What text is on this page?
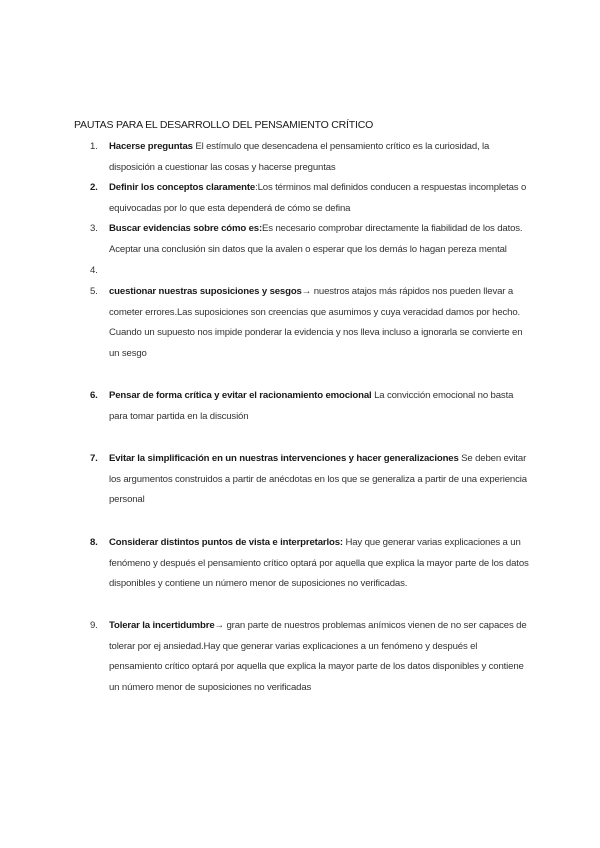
PAUTAS PARA EL DESARROLLO DEL PENSAMIENTO CRÍTICO
1.	Hacerse preguntas El estímulo que desencadena el pensamiento crítico es la curiosidad, la disposición a cuestionar las cosas y hacerse preguntas
2.	Definir los conceptos claramente:Los términos mal definidos conducen a respuestas incompletas o equivocadas por lo que esta dependerá de cómo se defina
3.	Buscar evidencias sobre cómo es:Es necesario comprobar directamente la fiabilidad de los datos. Aceptar una conclusión sin datos que la avalen o esperar que los demás lo hagan pereza mental
4.
5.	cuestionar nuestras suposiciones y sesgos→ nuestros atajos más rápidos nos pueden llevar a cometer errores.Las suposiciones son creencias que asumimos y cuya veracidad damos por hecho. Cuando un supuesto nos impide ponderar la evidencia y nos lleva incluso a ignorarla se convierte en un sesgo
6.	Pensar de forma crítica y evitar el racionamiento emocional La convicción emocional no basta para tomar partida en la discusión
7.	Evitar la simplificación en un nuestras intervenciones y hacer generalizaciones Se deben evitar los argumentos construidos a partir de anécdotas en los que se generaliza a partir de una experiencia personal
8.	Considerar distintos puntos de vista e interpretarlos: Hay que generar varias explicaciones a un fenómeno y después el pensamiento crítico optará por aquella que explica la mayor parte de los datos disponibles y contiene un número menor de suposiciones no verificadas.
9.	Tolerar la incertidumbre→ gran parte de nuestros problemas anímicos vienen de no ser capaces de tolerar por ej ansiedad.Hay que generar varias explicaciones a un fenómeno y después el pensamiento crítico optará por aquella que explica la mayor parte de los datos disponibles y contiene un número menor de suposiciones no verificadas
